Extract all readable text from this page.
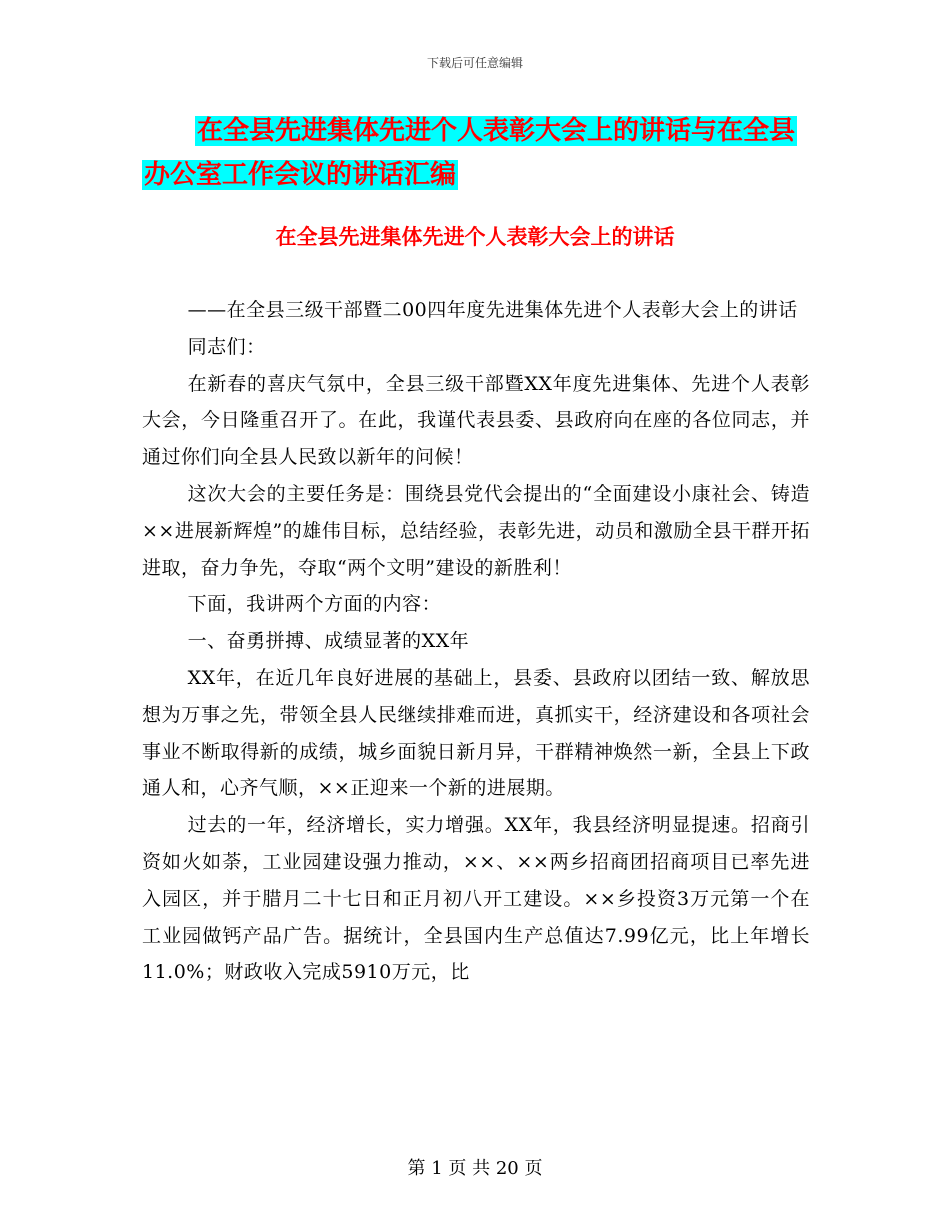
下载后可任意编辑
在全县先进集体先进个人表彰大会上的讲话与在全县
办公室工作会议的讲话汇编
在全县先进集体先进个人表彰大会上的讲话

——在全县三级干部暨二00四年度先进集体先进个人表彰大会上的讲话

同志们：

在新春的喜庆气氛中，全县三级干部暨XX年度先进集体、先进个人表彰大会，今日隆重召开了。在此，我谨代表县委、县政府向在座的各位同志，并通过你们向全县人民致以新年的问候！

这次大会的主要任务是：围绕县党代会提出的“全面建设小康社会、铸造××进展新辉煌”的雄伟目标，总结经验，表彰先进，动员和激励全县干群开拓进取，奋力争先，夺取“两个文明”建设的新胜利！

下面，我讲两个方面的内容：

一、奋勇拼搏、成绩显著的XX年

XX年，在近几年良好进展的基础上，县委、县政府以团结一致、解放思想为万事之先，带领全县人民继续排难而进，真抓实干，经济建设和各项社会事业不断取得新的成绩，城乡面貌日新月异，干群精神焕然一新，全县上下政通人和，心齐气顺，××正迎来一个新的进展期。

过去的一年，经济增长，实力增强。XX年，我县经济明显提速。招商引资如火如荼，工业园建设强力推动，××、××两乡招商团招商项目已率先进入园区，并于腊月二十七日和正月初八开工建设。××乡投资3万元第一个在工业园做钙产品广告。据统计，全县国内生产总值达7.99亿元，比上年增长11.0%；财政收入完成5910万元，比

第 1 页 共 20 页
